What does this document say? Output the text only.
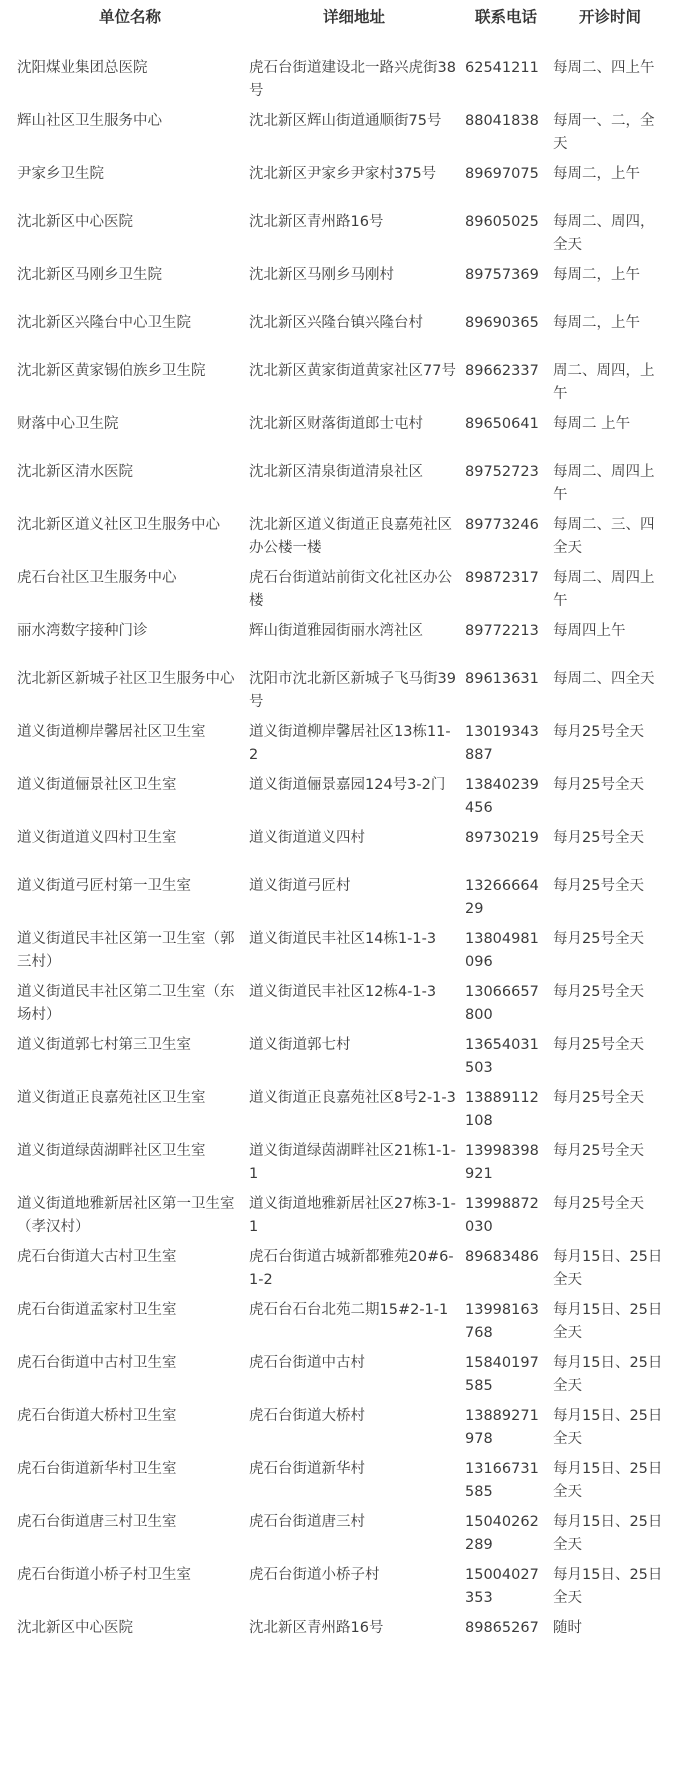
单位名称	详细地址	联系电话	开诊时间
沈阳煤业集团总医院	虎石台街道建设北一路兴虎街38号	62541211	每周二、四上午
辉山社区卫生服务中心	沈北新区辉山街道通顺街75号	88041838	每周一、二，全天
尹家乡卫生院	沈北新区尹家乡尹家村375号	89697075	每周二，上午
沈北新区中心医院	沈北新区青州路16号	89605025	每周二、周四，全天
沈北新区马刚乡卫生院	沈北新区马刚乡马刚村	89757369	每周二，上午
沈北新区兴隆台中心卫生院	沈北新区兴隆台镇兴隆台村	89690365	每周二，上午
沈北新区黄家锡伯族乡卫生院	沈北新区黄家街道黄家社区77号	89662337	周二、周四，上午
财落中心卫生院	沈北新区财落街道郎士屯村	89650641	每周二 上午
沈北新区清水医院	沈北新区清泉街道清泉社区	89752723	每周二、周四上午
沈北新区道义社区卫生服务中心	沈北新区道义街道正良嘉苑社区办公楼一楼	89773246	每周二、三、四全天
虎石台社区卫生服务中心	虎石台街道站前街文化社区办公楼	89872317	每周二、周四上午
丽水湾数字接种门诊	辉山街道雅园街丽水湾社区	89772213	每周四上午
沈北新区新城子社区卫生服务中心	沈阳市沈北新区新城子飞马街39号	89613631	每周二、四全天
道义街道柳岸馨居社区卫生室	道义街道柳岸馨居社区13栋11-2	13019343887	每月25号全天
道义街道俪景社区卫生室	道义街道俪景嘉园124号3-2门	13840239456	每月25号全天
道义街道道义四村卫生室	道义街道道义四村	89730219	每月25号全天
道义街道弓匠村第一卫生室	道义街道弓匠村	1326666429	每月25号全天
道义街道民丰社区第一卫生室（郭三村）	道义街道民丰社区14栋1-1-3	13804981096	每月25号全天
道义街道民丰社区第二卫生室（东场村）	道义街道民丰社区12栋4-1-3	13066657800	每月25号全天
道义街道郭七村第三卫生室	道义街道郭七村	13654031503	每月25号全天
道义街道正良嘉苑社区卫生室	道义街道正良嘉苑社区8号2-1-3	13889112108	每月25号全天
道义街道绿茵湖畔社区卫生室	道义街道绿茵湖畔社区21栋1-1-1	13998398921	每月25号全天
道义街道地雅新居社区第一卫生室（孝汉村）	道义街道地雅新居社区27栋3-1-1	13998872030	每月25号全天
虎石台街道大古村卫生室	虎石台街道古城新都雅苑20#6-1-2	89683486	每月15日、25日全天
虎石台街道孟家村卫生室	虎石台石台北苑二期15#2-1-1	13998163768	每月15日、25日全天
虎石台街道中古村卫生室	虎石台街道中古村	15840197585	每月15日、25日全天
虎石台街道大桥村卫生室	虎石台街道大桥村	13889271978	每月15日、25日全天
虎石台街道新华村卫生室	虎石台街道新华村	13166731585	每月15日、25日全天
虎石台街道唐三村卫生室	虎石台街道唐三村	15040262289	每月15日、25日全天
虎石台街道小桥子村卫生室	虎石台街道小桥子村	15004027353	每月15日、25日全天
沈北新区中心医院	沈北新区青州路16号	89865267	随时
